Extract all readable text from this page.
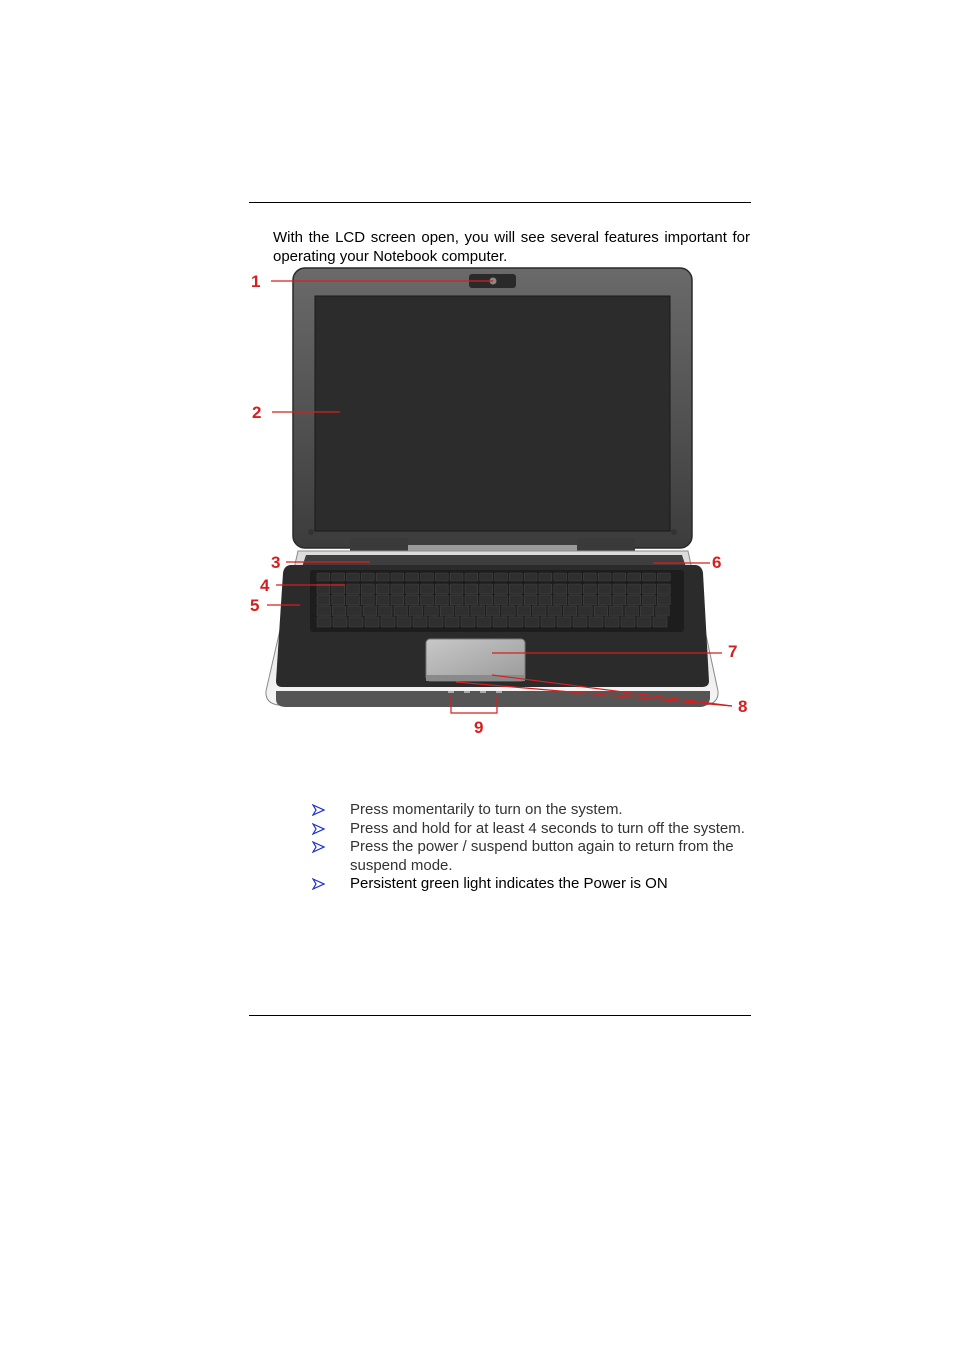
With the LCD screen open, you will see several features important for operating your Notebook computer.

1
2
3
4
5
6
7
8
9
Press momentarily to turn on the system.
Press and hold for at least 4 seconds to turn off the system.
Press the power / suspend button again to return from the suspend mode.
Persistent green light indicates the Power is ON
